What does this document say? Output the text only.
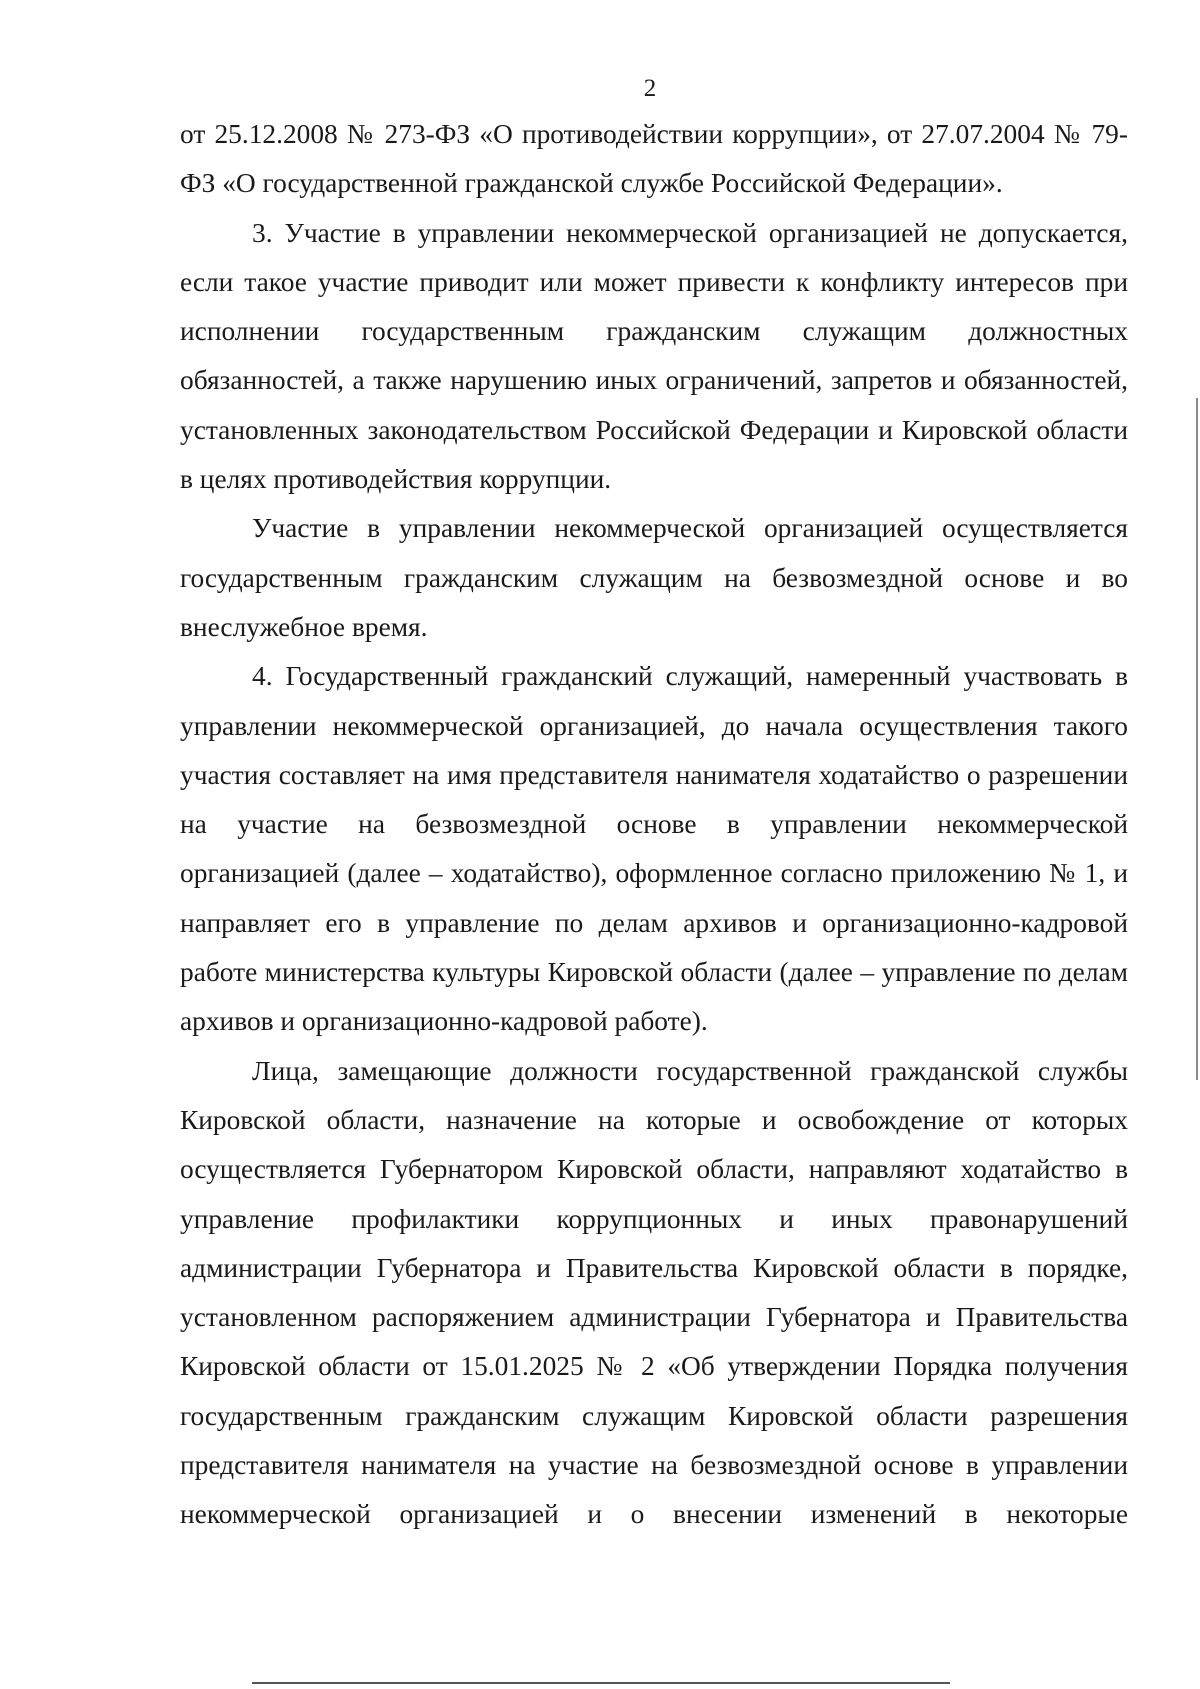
2

от 25.12.2008 № 273-ФЗ «О противодействии коррупции», от 27.07.2004 № 79-ФЗ «О государственной гражданской службе Российской Федерации».

3. Участие в управлении некоммерческой организацией не допускается, если такое участие приводит или может привести к конфликту интересов при исполнении государственным гражданским служащим должностных обязанностей, а также нарушению иных ограничений, запретов и обязанностей, установленных законодательством Российской Федерации и Кировской области в целях противодействия коррупции.

Участие в управлении некоммерческой организацией осуществляется государственным гражданским служащим на безвозмездной основе и во внеслужебное время.

4. Государственный гражданский служащий, намеренный участвовать в управлении некоммерческой организацией, до начала осуществления такого участия составляет на имя представителя нанимателя ходатайство о разрешении на участие на безвозмездной основе в управлении некоммерческой организацией (далее – ходатайство), оформленное согласно приложению № 1, и направляет его в управление по делам архивов и организационно-кадровой работе министерства культуры Кировской области (далее – управление по делам архивов и организационно-кадровой работе).

Лица, замещающие должности государственной гражданской службы Кировской области, назначение на которые и освобождение от которых осуществляется Губернатором Кировской области, направляют ходатайство в управление профилактики коррупционных и иных правонарушений администрации Губернатора и Правительства Кировской области в порядке, установленном распоряжением администрации Губернатора и Правительства Кировской области от 15.01.2025 № 2 «Об утверждении Порядка получения государственным гражданским служащим Кировской области разрешения представителя нанимателя на участие на безвозмездной основе в управлении некоммерческой организацией и о внесении изменений в некоторые
